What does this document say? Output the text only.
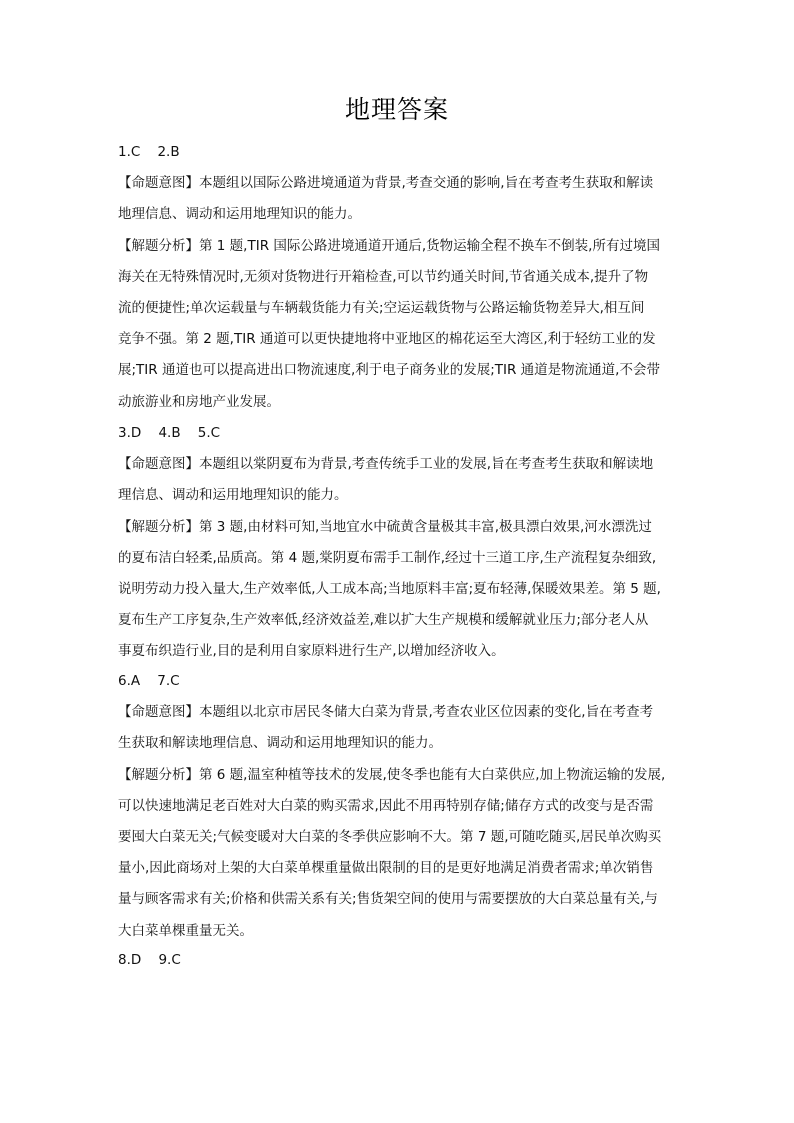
地理答案
1.C    2.B
【命题意图】本题组以国际公路进境通道为背景,考查交通的影响,旨在考查考生获取和解读
地理信息、调动和运用地理知识的能力。
【解题分析】第 1 题,TIR 国际公路进境通道开通后,货物运输全程不换车不倒装,所有过境国
海关在无特殊情况时,无须对货物进行开箱检查,可以节约通关时间,节省通关成本,提升了物
流的便捷性;单次运载量与车辆载货能力有关;空运运载货物与公路运输货物差异大,相互间
竞争不强。第 2 题,TIR 通道可以更快捷地将中亚地区的棉花运至大湾区,利于轻纺工业的发
展;TIR 通道也可以提高进出口物流速度,利于电子商务业的发展;TIR 通道是物流通道,不会带
动旅游业和房地产业发展。
3.D    4.B    5.C
【命题意图】本题组以棠阴夏布为背景,考查传统手工业的发展,旨在考查考生获取和解读地
理信息、调动和运用地理知识的能力。
【解题分析】第 3 题,由材料可知,当地宜水中硫黄含量极其丰富,极具漂白效果,河水漂洗过
的夏布洁白轻柔,品质高。第 4 题,棠阴夏布需手工制作,经过十三道工序,生产流程复杂细致,
说明劳动力投入量大,生产效率低,人工成本高;当地原料丰富;夏布轻薄,保暖效果差。第 5 题,
夏布生产工序复杂,生产效率低,经济效益差,难以扩大生产规模和缓解就业压力;部分老人从
事夏布织造行业,目的是利用自家原料进行生产,以增加经济收入。
6.A    7.C
【命题意图】本题组以北京市居民冬储大白菜为背景,考查农业区位因素的变化,旨在考查考
生获取和解读地理信息、调动和运用地理知识的能力。
【解题分析】第 6 题,温室种植等技术的发展,使冬季也能有大白菜供应,加上物流运输的发展,
可以快速地满足老百姓对大白菜的购买需求,因此不用再特别存储;储存方式的改变与是否需
要囤大白菜无关;气候变暖对大白菜的冬季供应影响不大。第 7 题,可随吃随买,居民单次购买
量小,因此商场对上架的大白菜单棵重量做出限制的目的是更好地满足消费者需求;单次销售
量与顾客需求有关;价格和供需关系有关;售货架空间的使用与需要摆放的大白菜总量有关,与
大白菜单棵重量无关。
8.D    9.C
